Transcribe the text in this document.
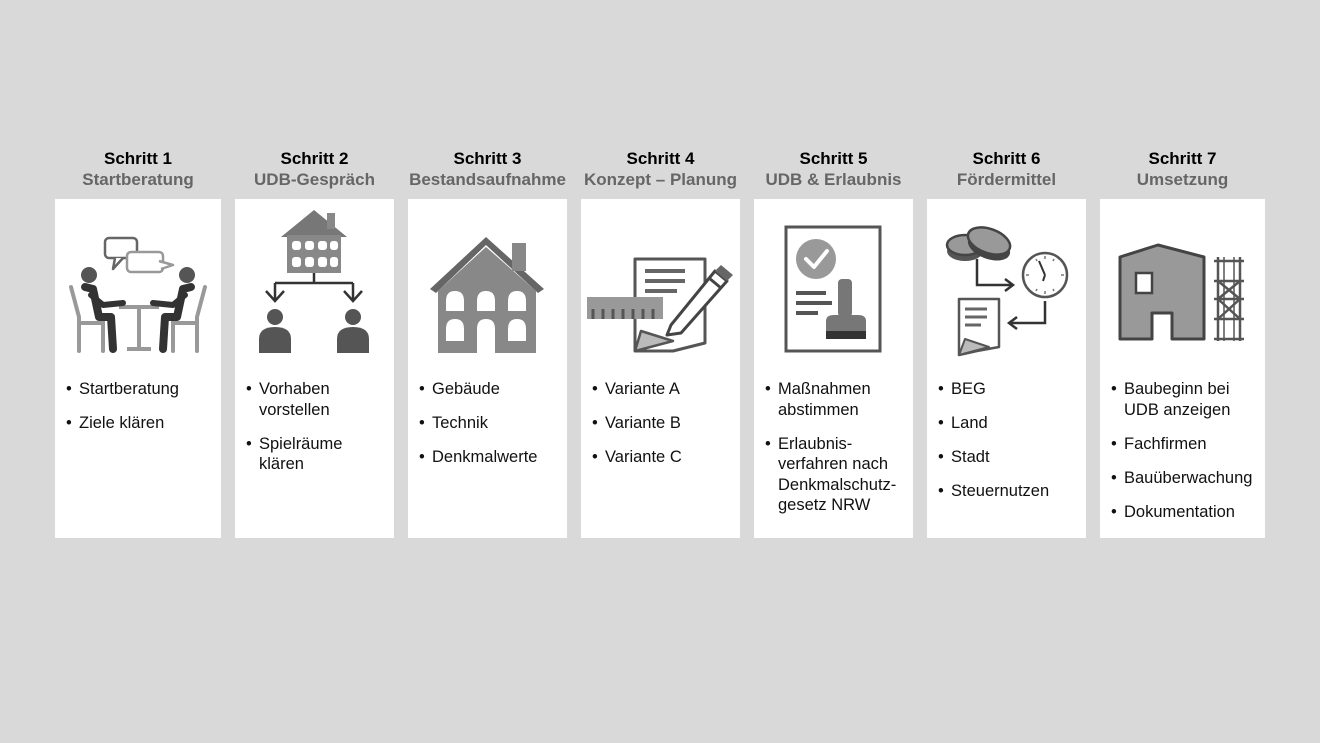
Schritt 1
Startberatung
• Startberatung
• Ziele klären
Schritt 2
UDB-Gespräch
• Vorhaben vorstellen
• Spielräume klären
Schritt 3
Bestandsaufnahme
• Gebäude
• Technik
• Denkmalwerte
Schritt 4
Konzept – Planung
• Variante A
• Variante B
• Variante C
Schritt 5
UDB & Erlaubnis
• Maßnahmen abstimmen
• Erlaubnis-verfahren nach Denkmalschutz-gesetz NRW
Schritt 6
Fördermittel
• BEG
• Land
• Stadt
• Steuernutzen
Schritt 7
Umsetzung
• Baubeginn bei UDB anzeigen
• Fachfirmen
• Bauüberwachung
• Dokumentation
